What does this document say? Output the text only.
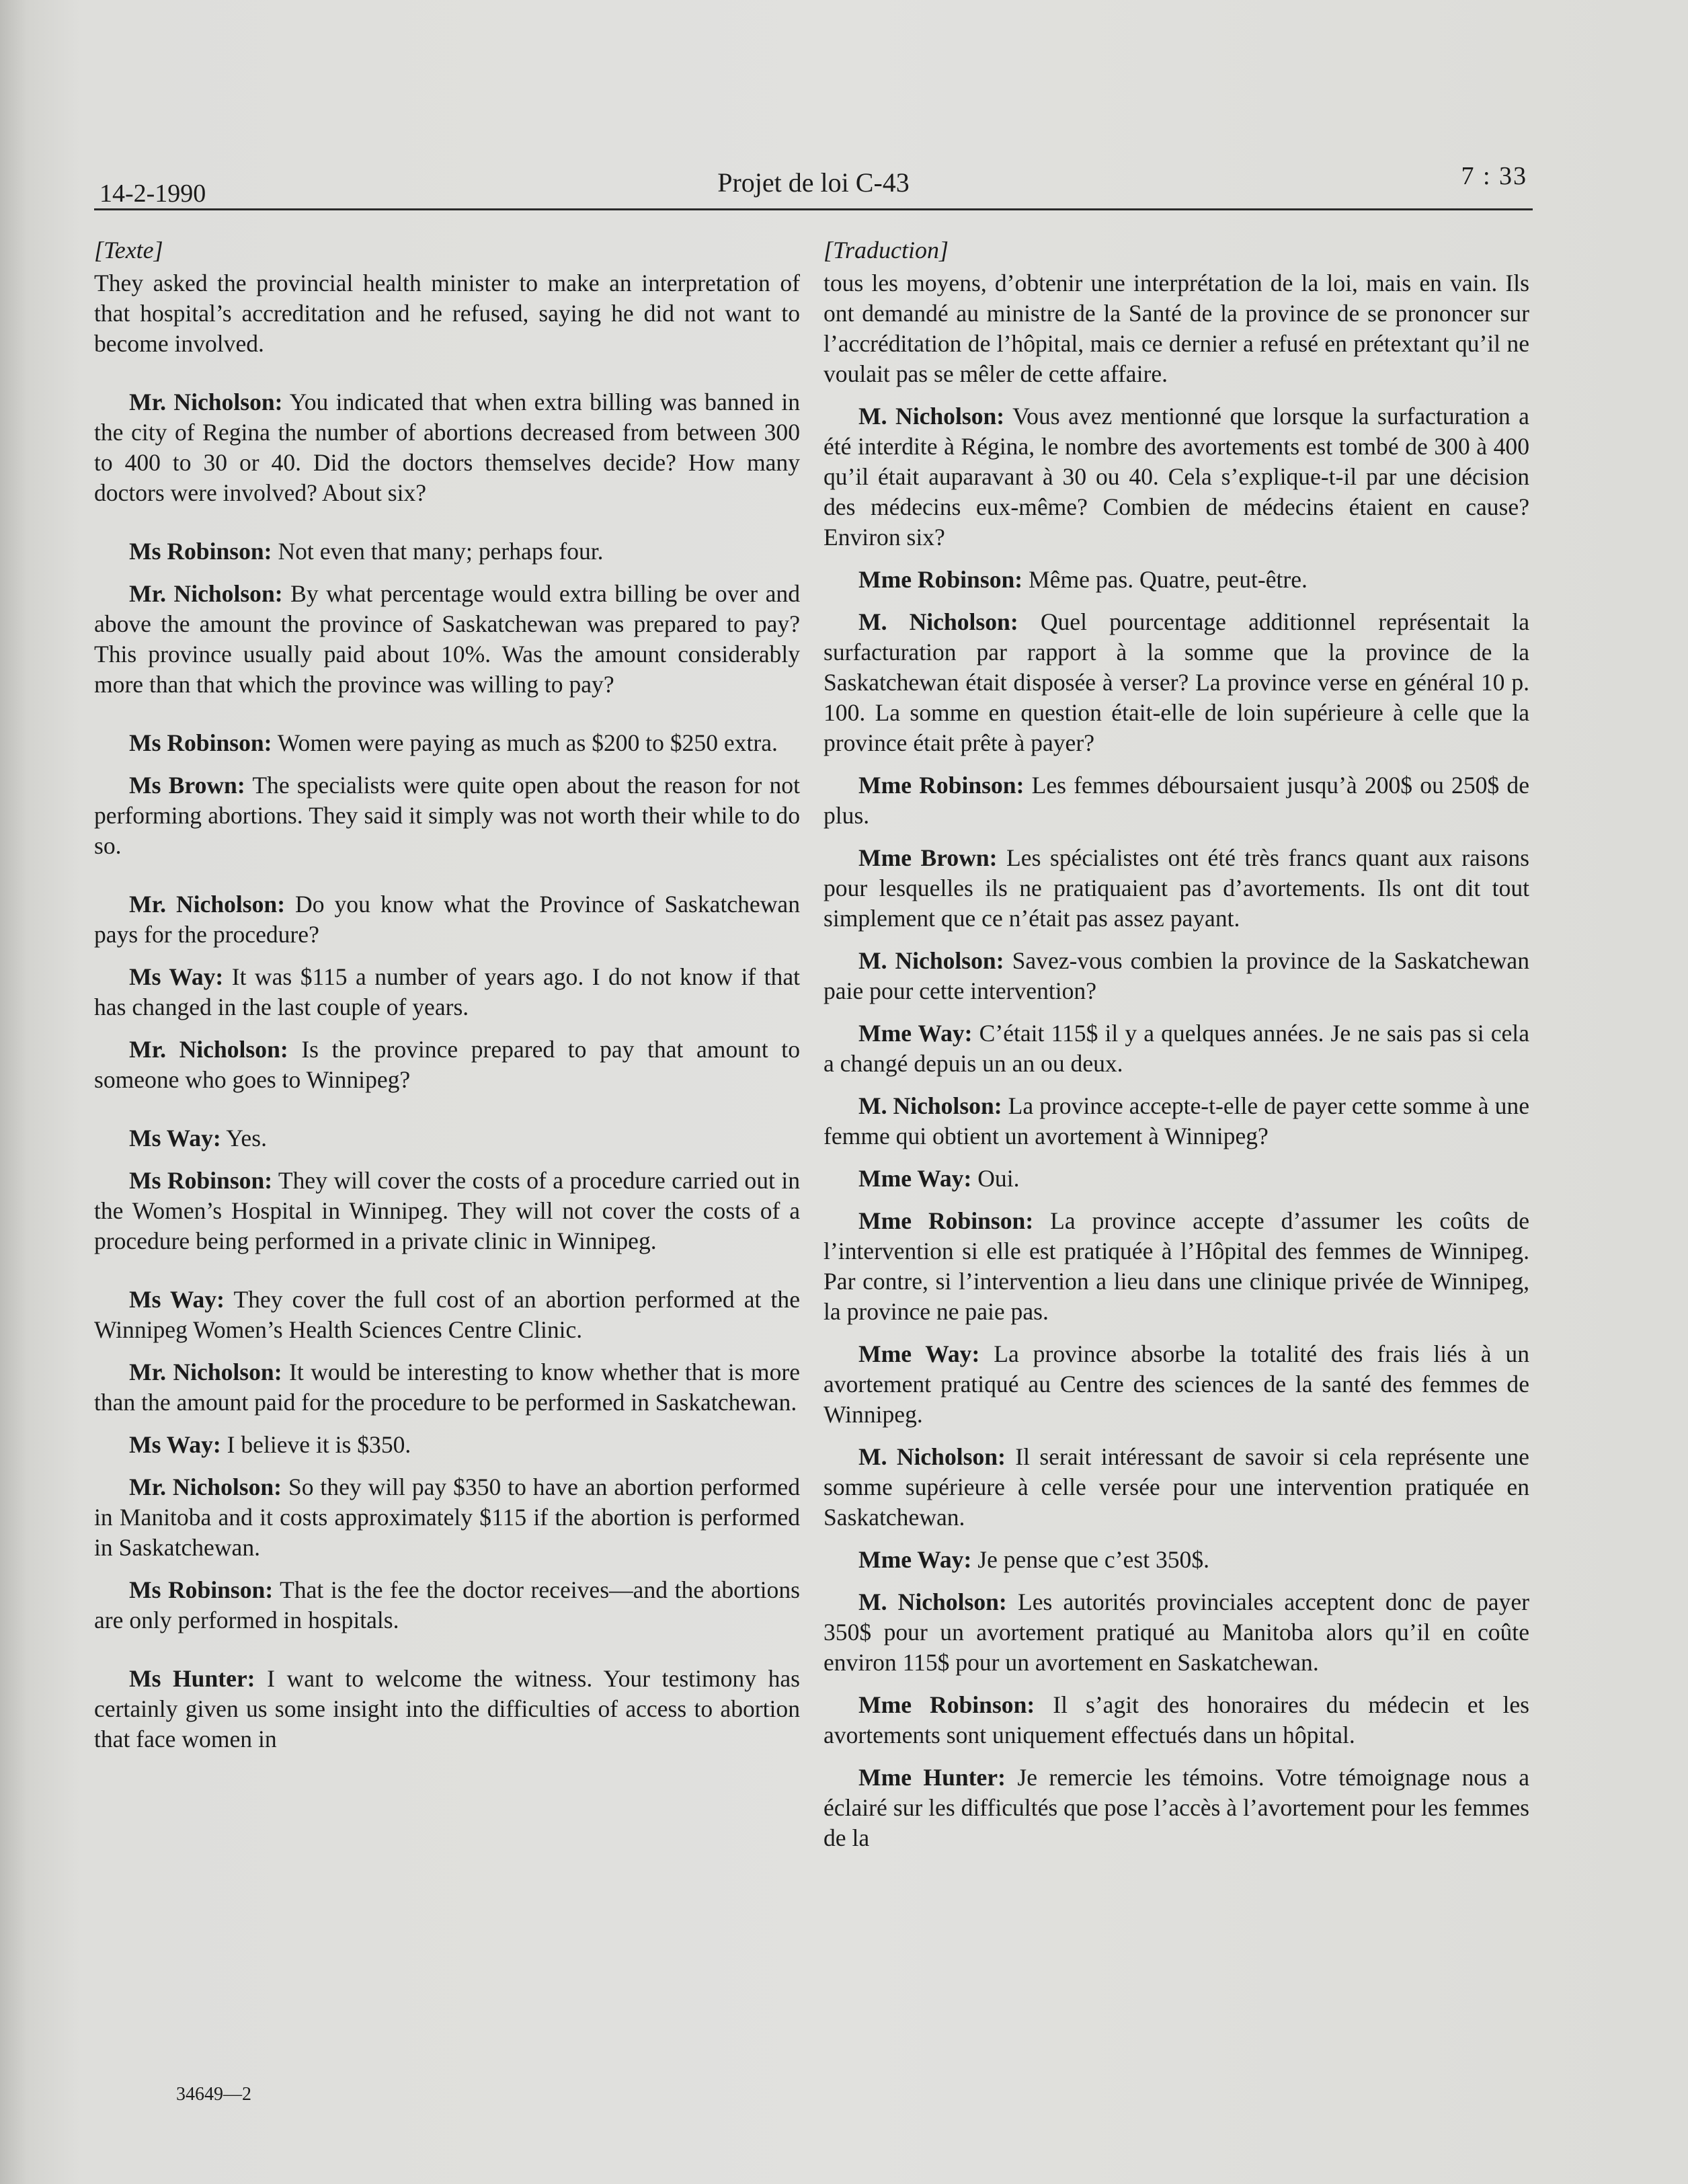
14-2-1990	Projet de loi C-43	7 : 33
[Texte]

They asked the provincial health minister to make an interpretation of that hospital’s accreditation and he refused, saying he did not want to become involved.

Mr. Nicholson: You indicated that when extra billing was banned in the city of Regina the number of abortions decreased from between 300 to 400 to 30 or 40. Did the doctors themselves decide? How many doctors were involved? About six?

Ms Robinson: Not even that many; perhaps four.

Mr. Nicholson: By what percentage would extra billing be over and above the amount the province of Saskatchewan was prepared to pay? This province usually paid about 10%. Was the amount considerably more than that which the province was willing to pay?

Ms Robinson: Women were paying as much as $200 to $250 extra.

Ms Brown: The specialists were quite open about the reason for not performing abortions. They said it simply was not worth their while to do so.

Mr. Nicholson: Do you know what the Province of Saskatchewan pays for the procedure?

Ms Way: It was $115 a number of years ago. I do not know if that has changed in the last couple of years.

Mr. Nicholson: Is the province prepared to pay that amount to someone who goes to Winnipeg?

Ms Way: Yes.

Ms Robinson: They will cover the costs of a procedure carried out in the Women’s Hospital in Winnipeg. They will not cover the costs of a procedure being performed in a private clinic in Winnipeg.

Ms Way: They cover the full cost of an abortion performed at the Winnipeg Women’s Health Sciences Centre Clinic.

Mr. Nicholson: It would be interesting to know whether that is more than the amount paid for the procedure to be performed in Saskatchewan.

Ms Way: I believe it is $350.

Mr. Nicholson: So they will pay $350 to have an abortion performed in Manitoba and it costs approximately $115 if the abortion is performed in Saskatchewan.

Ms Robinson: That is the fee the doctor receives—and the abortions are only performed in hospitals.

Ms Hunter: I want to welcome the witness. Your testimony has certainly given us some insight into the difficulties of access to abortion that face women in

[Traduction]

tous les moyens, d’obtenir une interprétation de la loi, mais en vain. Ils ont demandé au ministre de la Santé de la province de se prononcer sur l’accréditation de l’hôpital, mais ce dernier a refusé en prétextant qu’il ne voulait pas se mêler de cette affaire.

M. Nicholson: Vous avez mentionné que lorsque la surfacturation a été interdite à Régina, le nombre des avortements est tombé de 300 à 400 qu’il était auparavant à 30 ou 40. Cela s’explique-t-il par une décision des médecins eux-même? Combien de médecins étaient en cause? Environ six?

Mme Robinson: Même pas. Quatre, peut-être.

M. Nicholson: Quel pourcentage additionnel représentait la surfacturation par rapport à la somme que la province de la Saskatchewan était disposée à verser? La province verse en général 10 p. 100. La somme en question était-elle de loin supérieure à celle que la province était prête à payer?

Mme Robinson: Les femmes déboursaient jusqu’à 200$ ou 250$ de plus.

Mme Brown: Les spécialistes ont été très francs quant aux raisons pour lesquelles ils ne pratiquaient pas d’avortements. Ils ont dit tout simplement que ce n’était pas assez payant.

M. Nicholson: Savez-vous combien la province de la Saskatchewan paie pour cette intervention?

Mme Way: C’était 115$ il y a quelques années. Je ne sais pas si cela a changé depuis un an ou deux.

M. Nicholson: La province accepte-t-elle de payer cette somme à une femme qui obtient un avortement à Winnipeg?

Mme Way: Oui.

Mme Robinson: La province accepte d’assumer les coûts de l’intervention si elle est pratiquée à l’Hôpital des femmes de Winnipeg. Par contre, si l’intervention a lieu dans une clinique privée de Winnipeg, la province ne paie pas.

Mme Way: La province absorbe la totalité des frais liés à un avortement pratiqué au Centre des sciences de la santé des femmes de Winnipeg.

M. Nicholson: Il serait intéressant de savoir si cela représente une somme supérieure à celle versée pour une intervention pratiquée en Saskatchewan.

Mme Way: Je pense que c’est 350$.

M. Nicholson: Les autorités provinciales acceptent donc de payer 350$ pour un avortement pratiqué au Manitoba alors qu’il en coûte environ 115$ pour un avortement en Saskatchewan.

Mme Robinson: Il s’agit des honoraires du médecin et les avortements sont uniquement effectués dans un hôpital.

Mme Hunter: Je remercie les témoins. Votre témoignage nous a éclairé sur les difficultés que pose l’accès à l’avortement pour les femmes de la

34649—2
